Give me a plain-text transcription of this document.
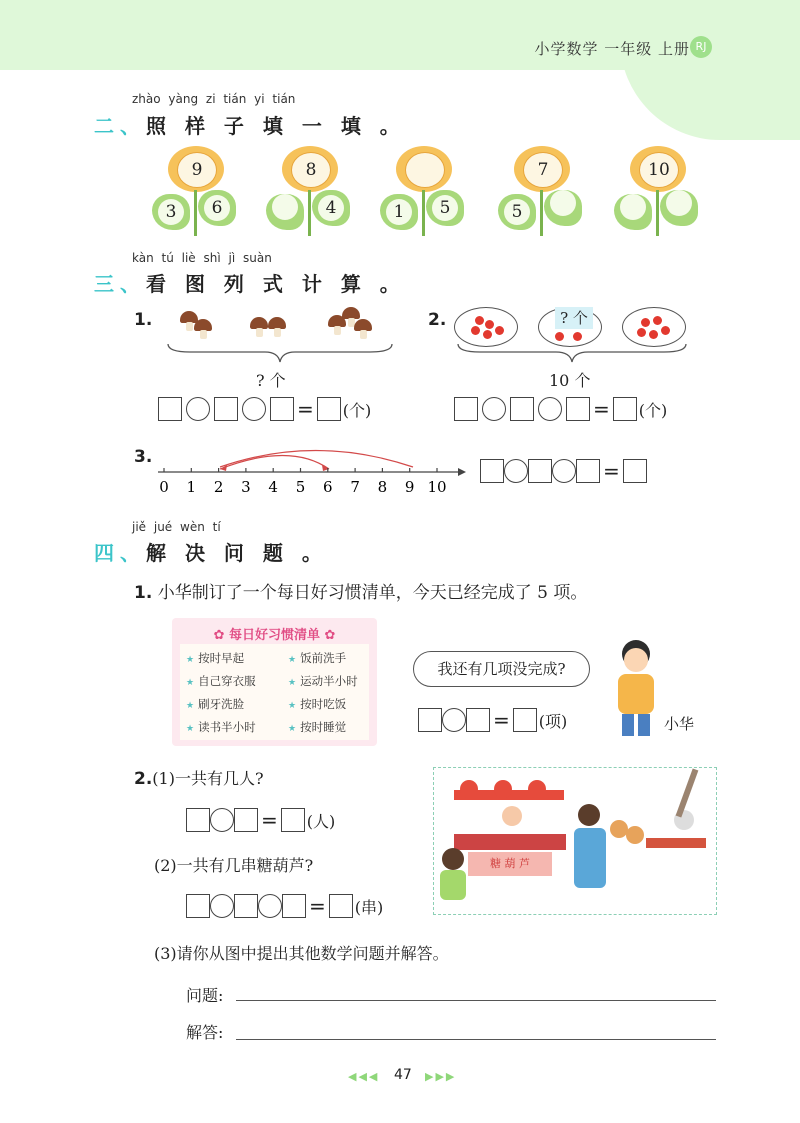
小学数学 一年级 上册 RJ
zhào yàng zi tián yi tián
二、照 样 子 填 一 填 。
9
3	6
8
4	1	5
7
5
10
kàn tú liè shì jì suàn
三、看 图 列 式 计 算 。
1.
? 个
= (个)
2.	? 个
10 个
= (个)
3.
0 1 2 3 4 5 6 7 8 9 10
=
jiě jué wèn tí
四、解 决 问 题 。
1. 小华制订了一个每日好习惯清单，今天已经完成了 5 项。
✿ 每日好习惯清单 ✿
★ 按时早起	★ 饭前洗手
★ 自己穿衣服	★ 运动半小时
★ 刷牙洗脸	★ 按时吃饭
★ 读书半小时	★ 按时睡觉
我还有几项没完成?
= (项)	小华
2.(1)一共有几人?
= (人)
(2)一共有几串糖葫芦?
= (串)
糖 葫 芦
(3)请你从图中提出其他数学问题并解答。
问题:
解答:
◀◀◀ 47 ▶▶▶
